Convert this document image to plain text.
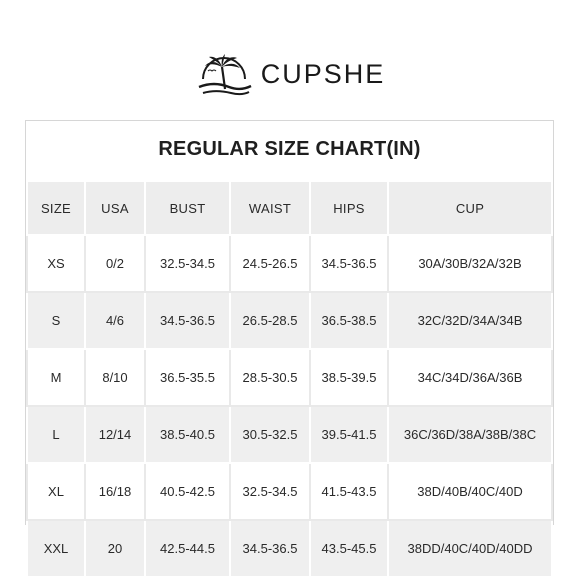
CUPSHE
REGULAR SIZE CHART(IN)
SIZE	USA	BUST	WAIST	HIPS	CUP
XS	0/2	32.5-34.5	24.5-26.5	34.5-36.5	30A/30B/32A/32B
S	4/6	34.5-36.5	26.5-28.5	36.5-38.5	32C/32D/34A/34B
M	8/10	36.5-35.5	28.5-30.5	38.5-39.5	34C/34D/36A/36B
L	12/14	38.5-40.5	30.5-32.5	39.5-41.5	36C/36D/38A/38B/38C
XL	16/18	40.5-42.5	32.5-34.5	41.5-43.5	38D/40B/40C/40D
XXL	20	42.5-44.5	34.5-36.5	43.5-45.5	38DD/40C/40D/40DD
